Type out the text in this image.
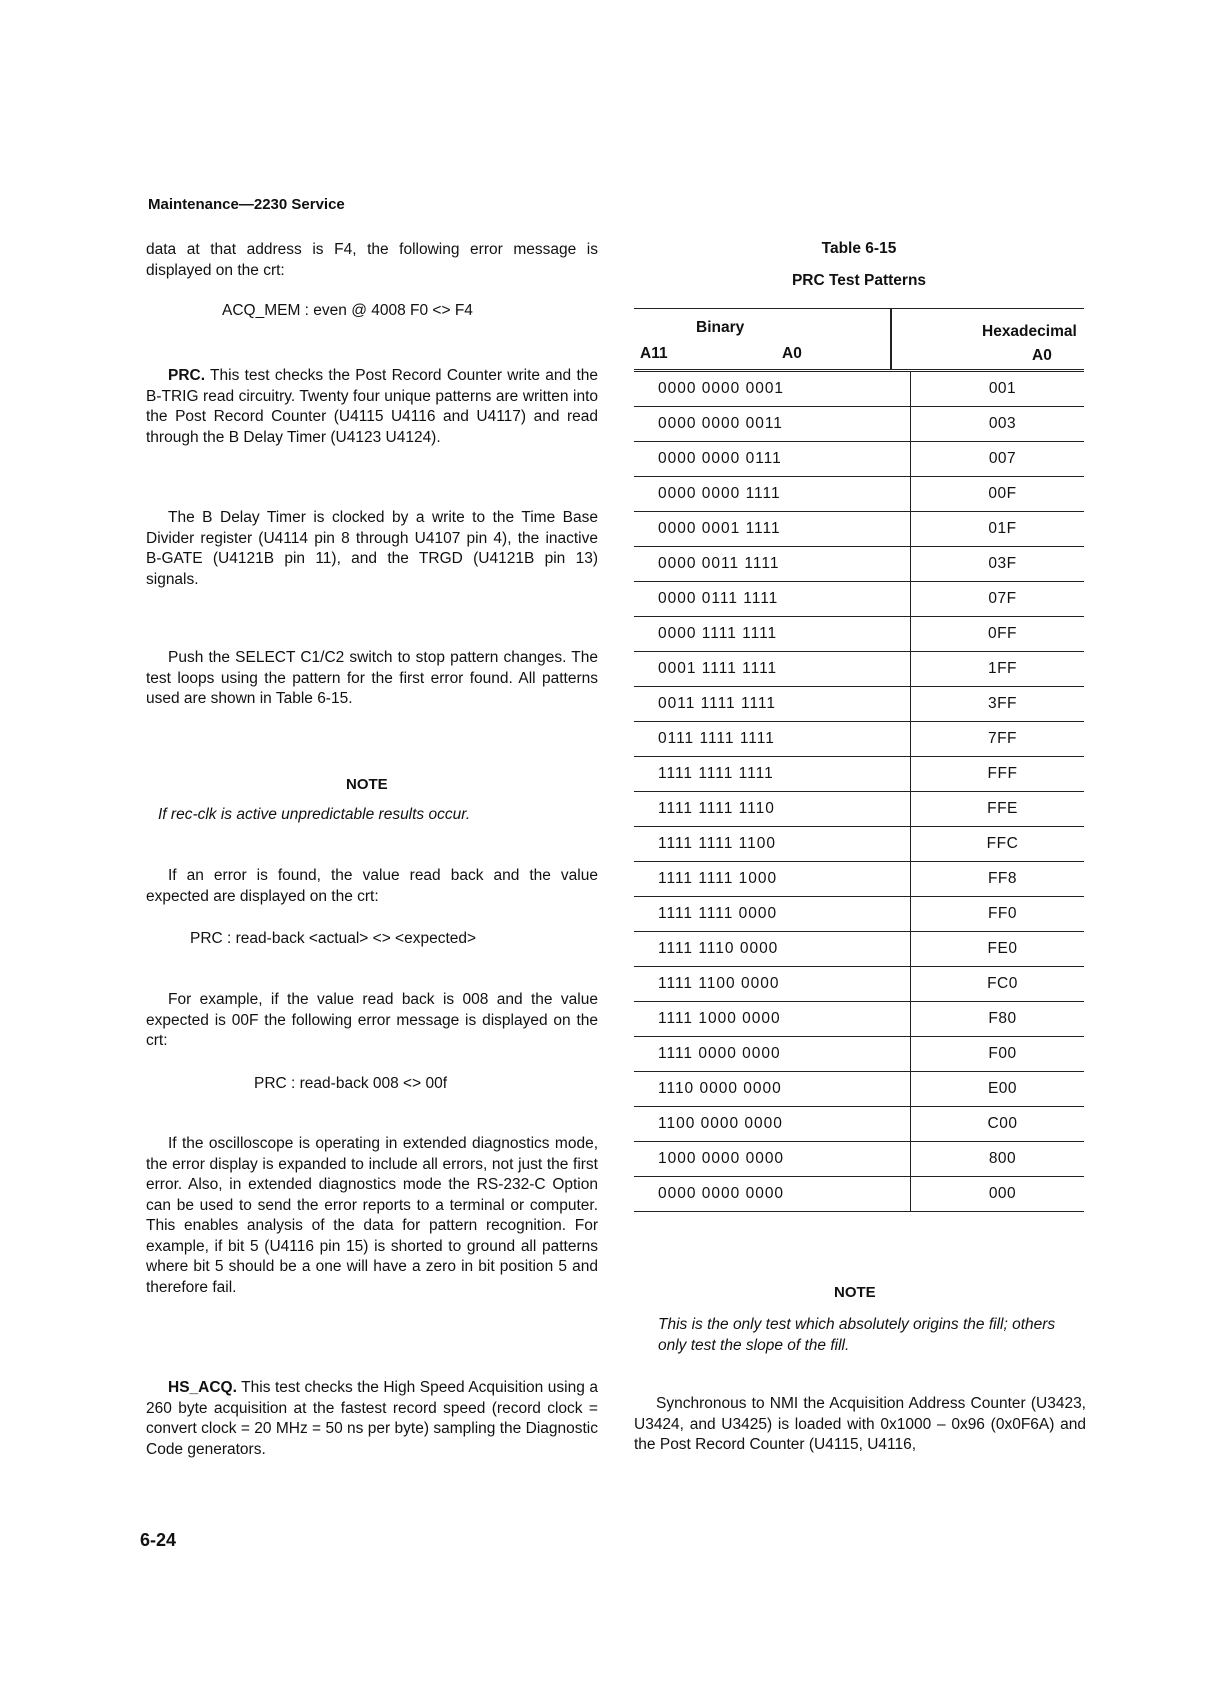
Maintenance—2230 Service

data at that address is F4, the following error message is displayed on the crt:

ACQ_MEM : even @ 4008 F0 <> F4

PRC. This test checks the Post Record Counter write and the B-TRIG read circuitry. Twenty four unique patterns are written into the Post Record Counter (U4115 U4116 and U4117) and read through the B Delay Timer (U4123 U4124).

The B Delay Timer is clocked by a write to the Time Base Divider register (U4114 pin 8 through U4107 pin 4), the inactive B-GATE (U4121B pin 11), and the TRGD (U4121B pin 13) signals.

Push the SELECT C1/C2 switch to stop pattern changes. The test loops using the pattern for the first error found. All patterns used are shown in Table 6-15.

NOTE
If rec-clk is active unpredictable results occur.

If an error is found, the value read back and the value expected are displayed on the crt:

PRC : read-back <actual> <> <expected>

For example, if the value read back is 008 and the value expected is 00F the following error message is displayed on the crt:

PRC : read-back 008 <> 00f

If the oscilloscope is operating in extended diagnostics mode, the error display is expanded to include all errors, not just the first error. Also, in extended diagnostics mode the RS-232-C Option can be used to send the error reports to a terminal or computer. This enables analysis of the data for pattern recognition. For example, if bit 5 (U4116 pin 15) is shorted to ground all patterns where bit 5 should be a one will have a zero in bit position 5 and therefore fail.

HS_ACQ. This test checks the High Speed Acquisition using a 260 byte acquisition at the fastest record speed (record clock = convert clock = 20 MHz = 50 ns per byte) sampling the Diagnostic Code generators.

Table 6-15
PRC Test Patterns
Binary
A11	A0
Hexadecimal
A0
0000 0000 0001	001
0000 0000 0011	003
0000 0000 0111	007
0000 0000 1111	00F
0000 0001 1111	01F
0000 0011 1111	03F
0000 0111 1111	07F
0000 1111 1111	0FF
0001 1111 1111	1FF
0011 1111 1111	3FF
0111 1111 1111	7FF
1111 1111 1111	FFF
1111 1111 1110	FFE
1111 1111 1100	FFC
1111 1111 1000	FF8
1111 1111 0000	FF0
1111 1110 0000	FE0
1111 1100 0000	FC0
1111 1000 0000	F80
1111 0000 0000	F00
1110 0000 0000	E00
1100 0000 0000	C00
1000 0000 0000	800
0000 0000 0000	000
NOTE
This is the only test which absolutely origins the fill; others only test the slope of the fill.
Synchronous to NMI the Acquisition Address Counter (U3423, U3424, and U3425) is loaded with 0x1000 – 0x96 (0x0F6A) and the Post Record Counter (U4115, U4116,
6-24
